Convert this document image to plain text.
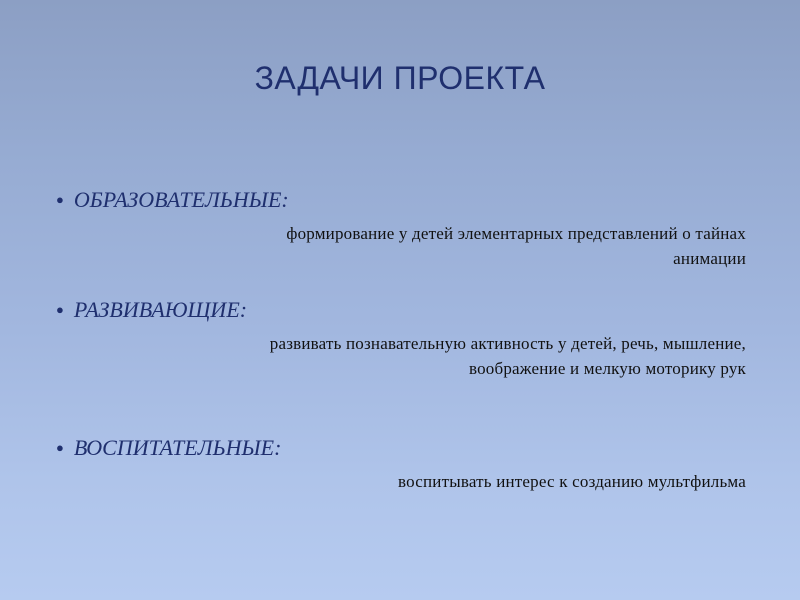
ЗАДАЧИ ПРОЕКТА
● ОБРАЗОВАТЕЛЬНЫЕ:
формирование у детей элементарных представлений о тайнах
анимации
● РАЗВИВАЮЩИЕ:
развивать познавательную активность у детей, речь, мышление,
воображение и мелкую моторику рук
● ВОСПИТАТЕЛЬНЫЕ:
воспитывать интерес к созданию мультфильма
